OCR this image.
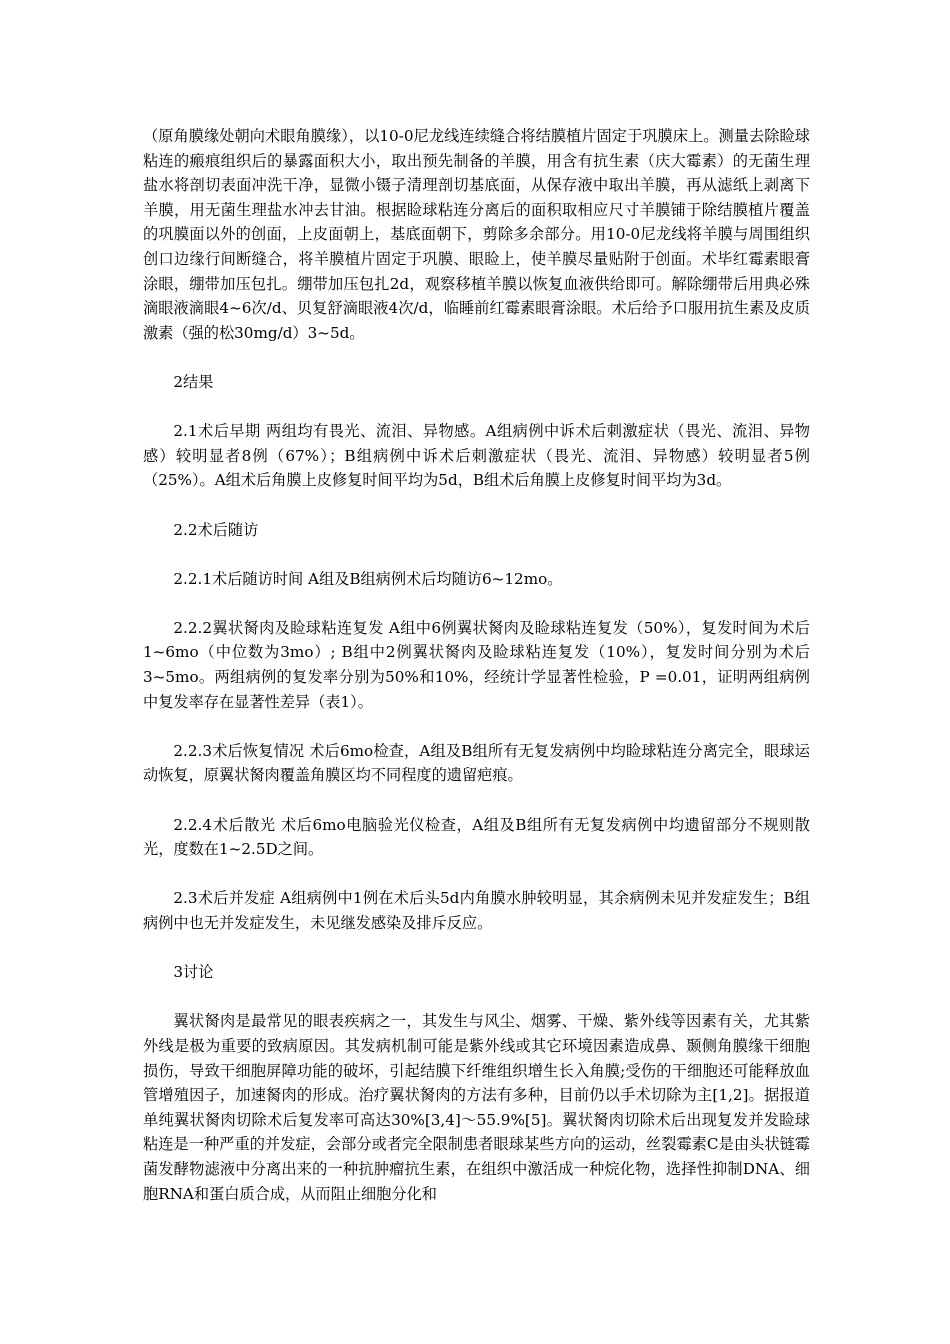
（原角膜缘处朝向术眼角膜缘），以10-0尼龙线连续缝合将结膜植片固定于巩膜床上。测量去除睑球粘连的瘢痕组织后的暴露面积大小，取出预先制备的羊膜，用含有抗生素（庆大霉素）的无菌生理盐水将剖切表面冲洗干净，显微小镊子清理剖切基底面，从保存液中取出羊膜，再从滤纸上剥离下羊膜，用无菌生理盐水冲去甘油。根据睑球粘连分离后的面积取相应尺寸羊膜铺于除结膜植片覆盖的巩膜面以外的创面，上皮面朝上，基底面朝下，剪除多余部分。用10-0尼龙线将羊膜与周围组织创口边缘行间断缝合，将羊膜植片固定于巩膜、眼睑上，使羊膜尽量贴附于创面。术毕红霉素眼膏涂眼，绷带加压包扎。绷带加压包扎2d，观察移植羊膜以恢复血液供给即可。解除绷带后用典必殊滴眼液滴眼4~6次/d、贝复舒滴眼液4次/d，临睡前红霉素眼膏涂眼。术后给予口服用抗生素及皮质激素（强的松30mg/d）3~5d。

2结果

2.1术后早期 两组均有畏光、流泪、异物感。A组病例中诉术后刺激症状（畏光、流泪、异物感）较明显者8例（67%）；B组病例中诉术后刺激症状（畏光、流泪、异物感）较明显者5例（25%）。A组术后角膜上皮修复时间平均为5d，B组术后角膜上皮修复时间平均为3d。

2.2术后随访

2.2.1术后随访时间 A组及B组病例术后均随访6~12mo。

2.2.2翼状胬肉及睑球粘连复发 A组中6例翼状胬肉及睑球粘连复发（50%），复发时间为术后1~6mo（中位数为3mo）; B组中2例翼状胬肉及睑球粘连复发（10%），复发时间分别为术后3~5mo。两组病例的复发率分别为50%和10%，经统计学显著性检验，P =0.01，证明两组病例中复发率存在显著性差异（表1）。

2.2.3术后恢复情况 术后6mo检查，A组及B组所有无复发病例中均睑球粘连分离完全，眼球运动恢复，原翼状胬肉覆盖角膜区均不同程度的遗留疤痕。

2.2.4术后散光 术后6mo电脑验光仪检查，A组及B组所有无复发病例中均遗留部分不规则散光，度数在1~2.5D之间。

2.3术后并发症 A组病例中1例在术后头5d内角膜水肿较明显，其余病例未见并发症发生；B组病例中也无并发症发生，未见继发感染及排斥反应。

3讨论

翼状胬肉是最常见的眼表疾病之一，其发生与风尘、烟雾、干燥、紫外线等因素有关，尤其紫外线是极为重要的致病原因。其发病机制可能是紫外线或其它环境因素造成鼻、颞侧角膜缘干细胞损伤，导致干细胞屏障功能的破坏，引起结膜下纤维组织增生长入角膜;受伤的干细胞还可能释放血管增殖因子，加速胬肉的形成。治疗翼状胬肉的方法有多种，目前仍以手术切除为主[1,2]。据报道单纯翼状胬肉切除术后复发率可高达30%[3,4]～55.9%[5]。翼状胬肉切除术后出现复发并发睑球粘连是一种严重的并发症，会部分或者完全限制患者眼球某些方向的运动，丝裂霉素C是由头状链霉菌发酵物滤液中分离出来的一种抗肿瘤抗生素，在组织中激活成一种烷化物，选择性抑制DNA、细胞RNA和蛋白质合成，从而阻止细胞分化和
